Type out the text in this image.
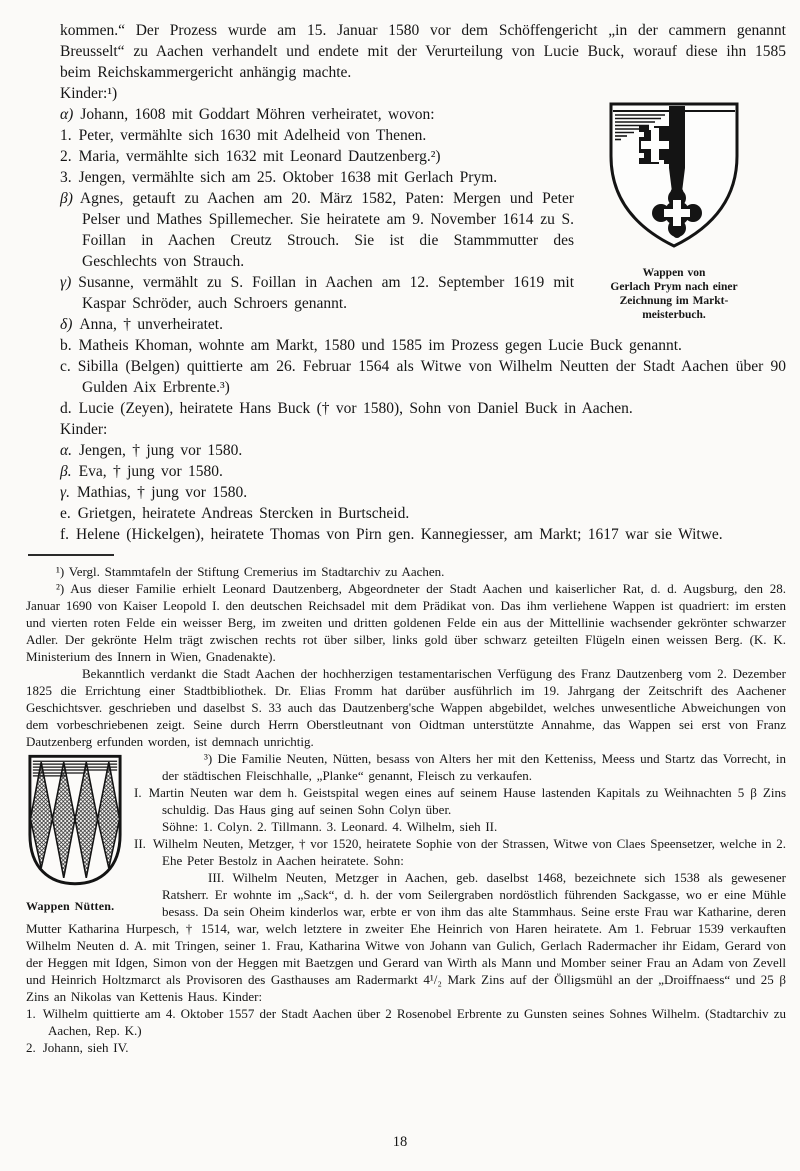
kommen.“ Der Prozess wurde am 15. Januar 1580 vor dem Schöffengericht „in der cammern genannt Breusselt“ zu Aachen verhandelt und endete mit der Verurteilung von Lucie Buck, worauf diese ihn 1585 beim Reichskammergericht anhängig machte.

Kinder:¹)

Wappen von
Gerlach Prym nach einer
Zeichnung im Markt-
meisterbuch.

α) Johann, 1608 mit Goddart Möhren verheiratet, wovon:

1. Peter, vermählte sich 1630 mit Adelheid von Thenen.

2. Maria, vermählte sich 1632 mit Leonard Dautzenberg.²)

3. Jengen, vermählte sich am 25. Oktober 1638 mit Gerlach Prym.

β) Agnes, getauft zu Aachen am 20. März 1582, Paten: Mergen und Peter Pelser und Mathes Spillemecher. Sie heiratete am 9. November 1614 zu S. Foillan in Aachen Creutz Strouch. Sie ist die Stammmutter des Geschlechts von Strauch.

γ) Susanne, vermählt zu S. Foillan in Aachen am 12. September 1619 mit Kaspar Schröder, auch Schroers genannt.

δ) Anna, † unverheiratet.

b. Matheis Khoman, wohnte am Markt, 1580 und 1585 im Prozess gegen Lucie Buck genannt.

c. Sibilla (Belgen) quittierte am 26. Februar 1564 als Witwe von Wilhelm Neutten der Stadt Aachen über 90 Gulden Aix Erbrente.³)

d. Lucie (Zeyen), heiratete Hans Buck († vor 1580), Sohn von Daniel Buck in Aachen.

Kinder:

α. Jengen, † jung vor 1580.

β. Eva, † jung vor 1580.

γ. Mathias, † jung vor 1580.

e. Grietgen, heiratete Andreas Stercken in Burtscheid.

f. Helene (Hickelgen), heiratete Thomas von Pirn gen. Kannegiesser, am Markt; 1617 war sie Witwe.

¹) Vergl. Stammtafeln der Stiftung Cremerius im Stadtarchiv zu Aachen.

²) Aus dieser Familie erhielt Leonard Dautzenberg, Abgeordneter der Stadt Aachen und kaiserlicher Rat, d. d. Augsburg, den 28. Januar 1690 von Kaiser Leopold I. den deutschen Reichsadel mit dem Prädikat von. Das ihm verliehene Wappen ist quadriert: im ersten und vierten roten Felde ein weisser Berg, im zweiten und dritten goldenen Felde ein aus der Mittellinie wachsender gekrönter schwarzer Adler. Der gekrönte Helm trägt zwischen rechts rot über silber, links gold über schwarz geteilten Flügeln einen weissen Berg. (K. K. Ministerium des Innern in Wien, Gnadenakte).

Bekanntlich verdankt die Stadt Aachen der hochherzigen testamentarischen Verfügung des Franz Dautzenberg vom 2. Dezember 1825 die Errichtung einer Stadtbibliothek. Dr. Elias Fromm hat darüber ausführlich im 19. Jahrgang der Zeitschrift des Aachener Geschichtsver. geschrieben und daselbst S. 33 auch das Dautzenberg'sche Wappen abgebildet, welches unwesentliche Abweichungen von dem vorbeschriebenen zeigt. Seine durch Herrn Oberstleutnant von Oidtman unterstützte Annahme, das Wappen sei erst von Franz Dautzenberg erfunden worden, ist demnach unrichtig.

Wappen Nütten.

³) Die Familie Neuten, Nütten, besass von Alters her mit den Ketteniss, Meess und Startz das Vorrecht, in der städtischen Fleischhalle, „Planke“ genannt, Fleisch zu verkaufen.

I. Martin Neuten war dem h. Geistspital wegen eines auf seinem Hause lastenden Kapitals zu Weihnachten 5 β Zins schuldig. Das Haus ging auf seinen Sohn Colyn über.

Söhne: 1. Colyn. 2. Tillmann. 3. Leonard. 4. Wilhelm, sieh II.

II. Wilhelm Neuten, Metzger, † vor 1520, heiratete Sophie von der Strassen, Witwe von Claes Speensetzer, welche in 2. Ehe Peter Bestolz in Aachen heiratete. Sohn:

III. Wilhelm Neuten, Metzger in Aachen, geb. daselbst 1468, bezeichnete sich 1538 als gewesener Ratsherr. Er wohnte im „Sack“, d. h. der vom Seilergraben nordöstlich führenden Sackgasse, wo er eine Mühle besass. Da sein Oheim kinderlos war, erbte er von ihm das alte Stammhaus. Seine erste Frau war Katharine, deren Mutter Katharina Hurpesch, † 1514, war, welch letztere in zweiter Ehe Heinrich von Haren heiratete. Am 1. Februar 1539 verkauften Wilhelm Neuten d. A. mit Tringen, seiner 1. Frau, Katharina Witwe von Johann van Gulich, Gerlach Radermacher ihr Eidam, Gerard von der Heggen mit Idgen, Simon von der Heggen mit Baetzgen und Gerard van Wirth als Mann und Momber seiner Frau an Adam von Zevell und Heinrich Holtzmarct als Provisoren des Gasthauses am Radermarkt 4¹/₂ Mark Zins auf der Ölligsmühl an der „Droiffnaess“ und 25 β Zins an Nikolas van Kettenis Haus. Kinder:

1. Wilhelm quittierte am 4. Oktober 1557 der Stadt Aachen über 2 Rosenobel Erbrente zu Gunsten seines Sohnes Wilhelm. (Stadtarchiv zu Aachen, Rep. K.)

2. Johann, sieh IV.

18
